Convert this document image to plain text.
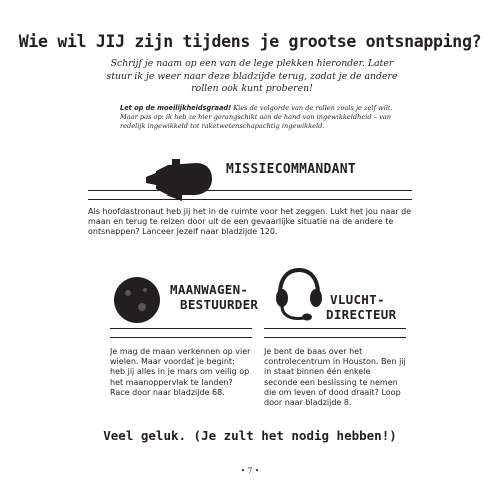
Wie wil JIJ zijn tijdens je grootse ontsnapping?

Schrijf je naam op een van de lege plekken hieronder. Later stuur ik je weer naar deze bladzijde terug, zodat je de andere rollen ook kunt proberen!

Let op de moeilijkheidsgraad! Kies de volgorde van de rollen zoals je zelf wilt. Maar pas op: ik heb ze hier gerangschikt aan de hand van ingewikkeldheid – van redelijk ingewikkeld tot raketwetenschapachtig ingewikkeld.

MISSIECOMMANDANT

Als hoofdastronaut heb jij het in de ruimte voor het zeggen. Lukt het jou naar de maan en terug te reizen door uit de een gevaarlijke situatie na de andere te ontsnappen? Lanceer jezelf naar bladzijde 120.

MAANWAGEN-
BESTUURDER

Je mag de maan verkennen op vier wielen. Maar voordat je begint: heb jij alles in je mars om veilig op het maanoppervlak te landen? Race door naar bladzijde 68.

VLUCHT-
DIRECTEUR

Je bent de baas over het controlecentrum in Houston. Ben jij in staat binnen één enkele seconde een beslissing te nemen die om leven of dood draait? Loop door naar bladzijde 8.

Veel geluk. (Je zult het nodig hebben!)

• 7 •
